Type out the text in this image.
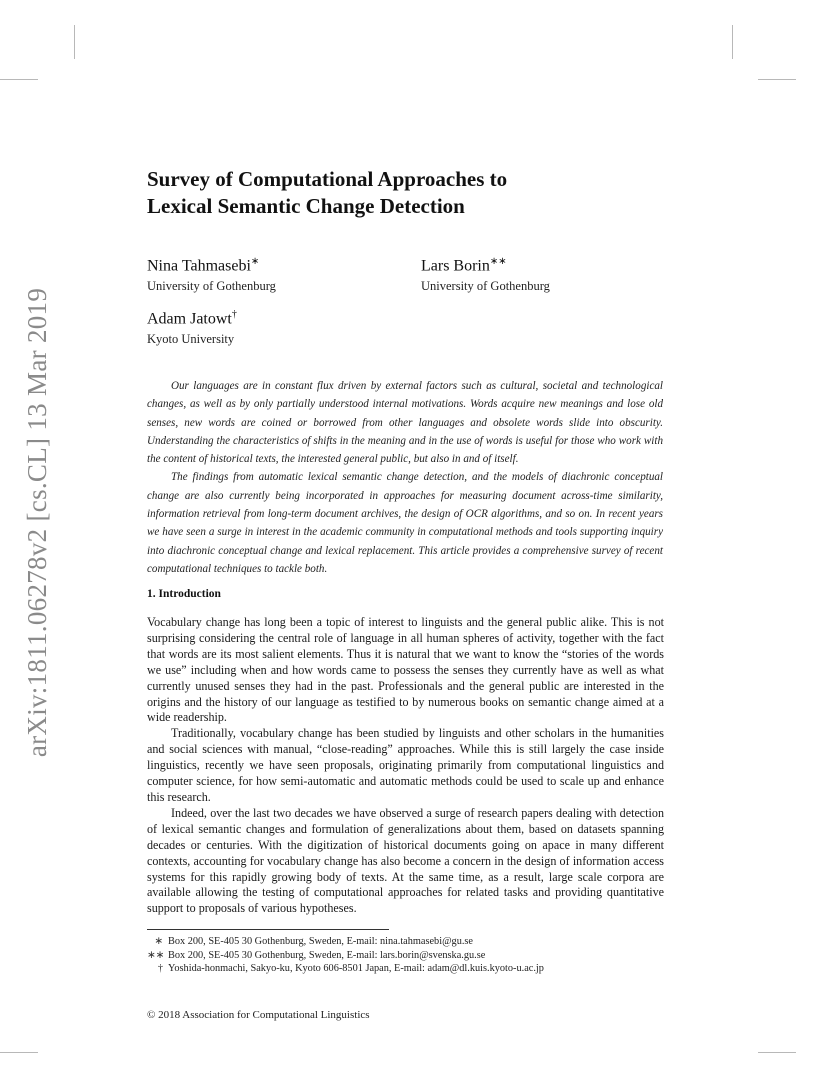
arXiv:1811.06278v2 [cs.CL] 13 Mar 2019
Survey of Computational Approaches to
Lexical Semantic Change Detection
Nina Tahmasebi∗
University of Gothenburg
Lars Borin∗∗
University of Gothenburg
Adam Jatowt†
Kyoto University

Our languages are in constant flux driven by external factors such as cultural, societal and technological changes, as well as by only partially understood internal motivations. Words acquire new meanings and lose old senses, new words are coined or borrowed from other languages and obsolete words slide into obscurity. Understanding the characteristics of shifts in the meaning and in the use of words is useful for those who work with the content of historical texts, the interested general public, but also in and of itself.

The findings from automatic lexical semantic change detection, and the models of diachronic conceptual change are also currently being incorporated in approaches for measuring document across-time similarity, information retrieval from long-term document archives, the design of OCR algorithms, and so on. In recent years we have seen a surge in interest in the academic community in computational methods and tools supporting inquiry into diachronic conceptual change and lexical replacement. This article provides a comprehensive survey of recent computational techniques to tackle both.

1. Introduction

Vocabulary change has long been a topic of interest to linguists and the general public alike. This is not surprising considering the central role of language in all human spheres of activity, together with the fact that words are its most salient elements. Thus it is natural that we want to know the “stories of the words we use” including when and how words came to possess the senses they currently have as well as what currently unused senses they had in the past. Professionals and the general public are interested in the origins and the history of our language as testified to by numerous books on semantic change aimed at a wide readership.

Traditionally, vocabulary change has been studied by linguists and other scholars in the humanities and social sciences with manual, “close-reading” approaches. While this is still largely the case inside linguistics, recently we have seen proposals, originating primarily from computational linguistics and computer science, for how semi-automatic and automatic methods could be used to scale up and enhance this research.

Indeed, over the last two decades we have observed a surge of research papers dealing with detection of lexical semantic changes and formulation of generalizations about them, based on datasets spanning decades or centuries. With the digitization of historical documents going on apace in many different contexts, accounting for vocabulary change has also become a concern in the design of information access systems for this rapidly growing body of texts. At the same time, as a result, large scale corpora are available allowing the testing of computational approaches for related tasks and providing quantitative support to proposals of various hypotheses.

∗ Box 200, SE-405 30 Gothenburg, Sweden, E-mail: nina.tahmasebi@gu.se
∗∗ Box 200, SE-405 30 Gothenburg, Sweden, E-mail: lars.borin@svenska.gu.se
† Yoshida-honmachi, Sakyo-ku, Kyoto 606-8501 Japan, E-mail: adam@dl.kuis.kyoto-u.ac.jp

© 2018 Association for Computational Linguistics
